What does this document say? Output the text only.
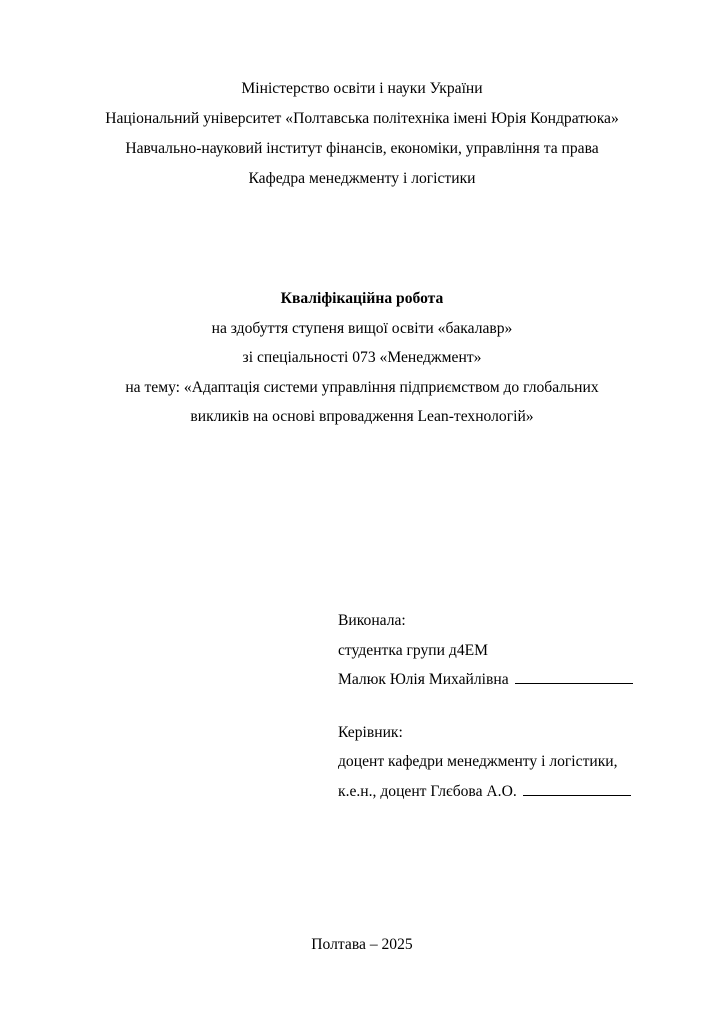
Міністерство освіти і науки України
Національний університет «Полтавська політехніка імені Юрія Кондратюка»
Навчально-науковий інститут фінансів, економіки, управління та права
Кафедра менеджменту і логістики
Кваліфікаційна робота
на здобуття ступеня вищої освіти «бакалавр»
зі спеціальності 073 «Менеджмент»
на тему: «Адаптація системи управління підприємством до глобальних
викликів на основі впровадження Lean-технологій»
Виконала:
студентка групи д4ЕМ
Малюк Юлія Михайлівна
Керівник:
доцент кафедри менеджменту і логістики,
к.е.н., доцент Глєбова А.О.
Полтава – 2025
